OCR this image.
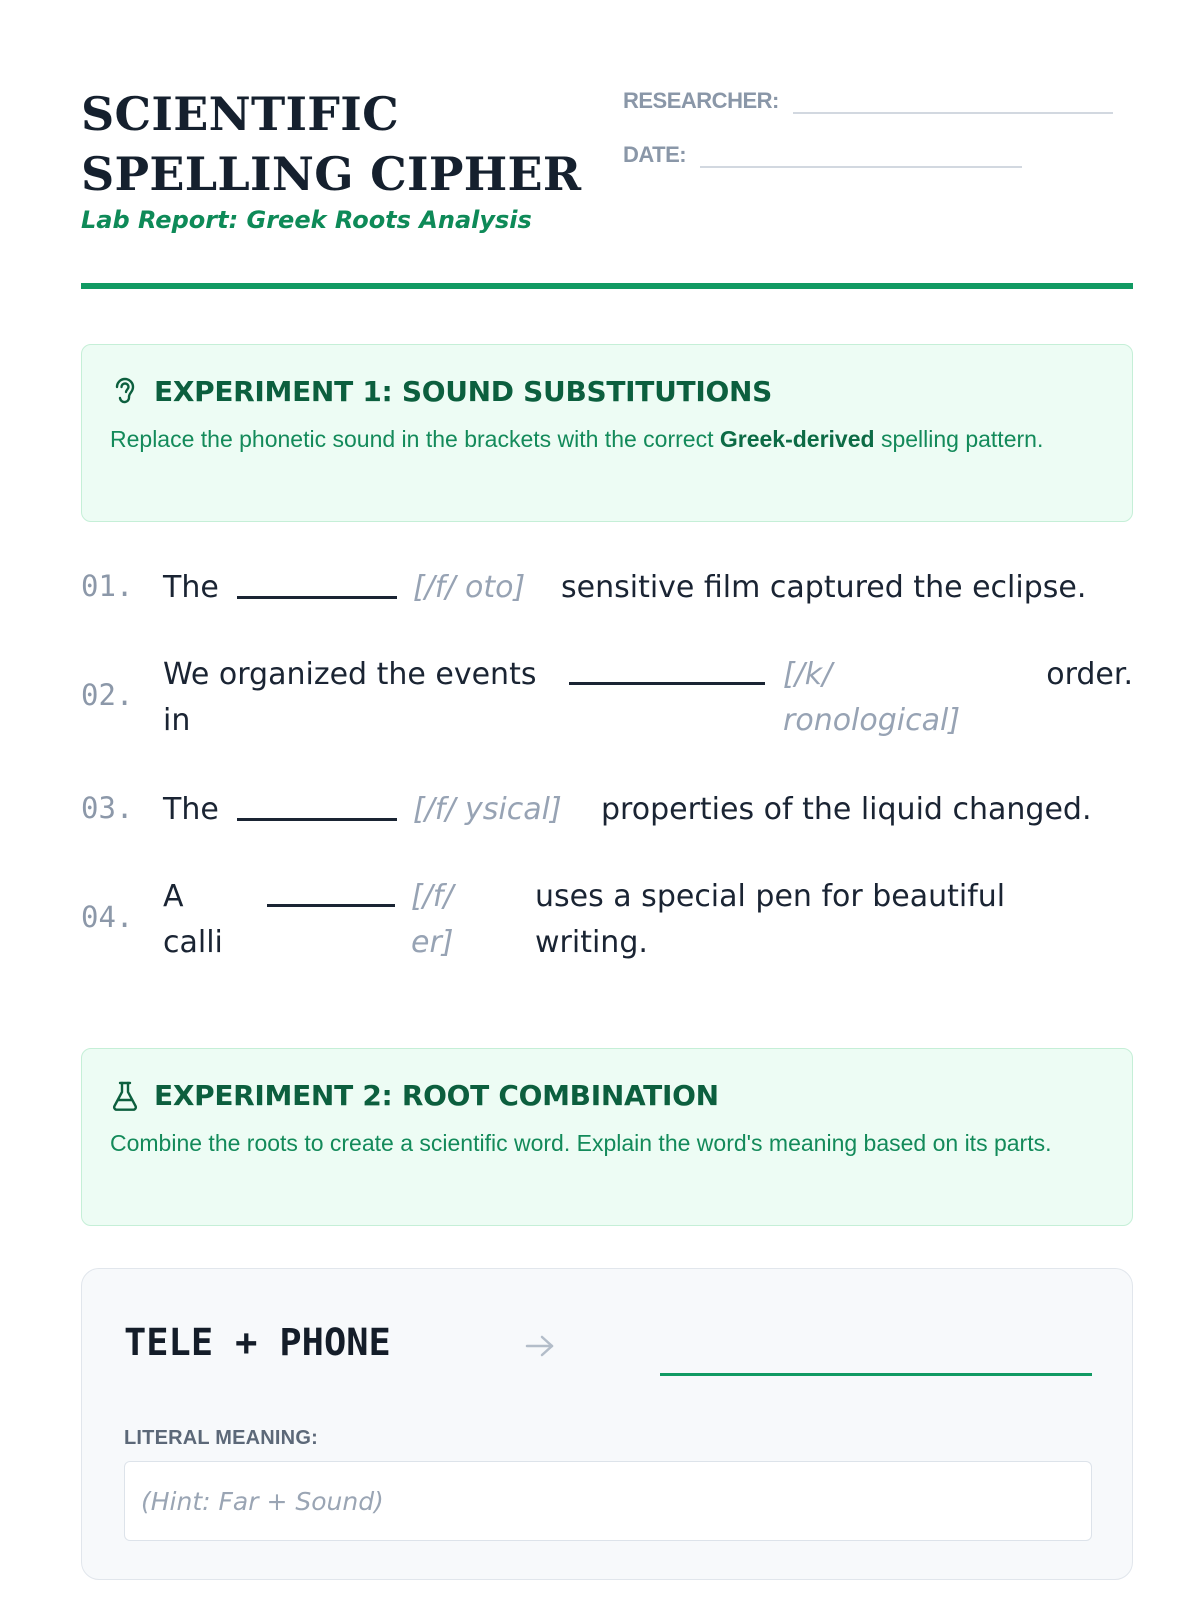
SCIENTIFIC SPELLING CIPHER
Lab Report: Greek Roots Analysis
RESEARCHER:
DATE:
EXPERIMENT 1: SOUND SUBSTITUTIONS
Replace the phonetic sound in the brackets with the correct Greek-derived spelling pattern.
01. The	[/f/ oto] sensitive film captured the eclipse.
02.
We organized the events
in
[/k/
ronological]
order.
03. The	[/f/ ysical] properties of the liquid changed.
04.
A
calli
[/f/
er]
uses a special pen for beautiful
writing.
EXPERIMENT 2: ROOT COMBINATION
Combine the roots to create a scientific word. Explain the word's meaning based on its parts.
TELE + PHONE
LITERAL MEANING:
(Hint: Far + Sound)
